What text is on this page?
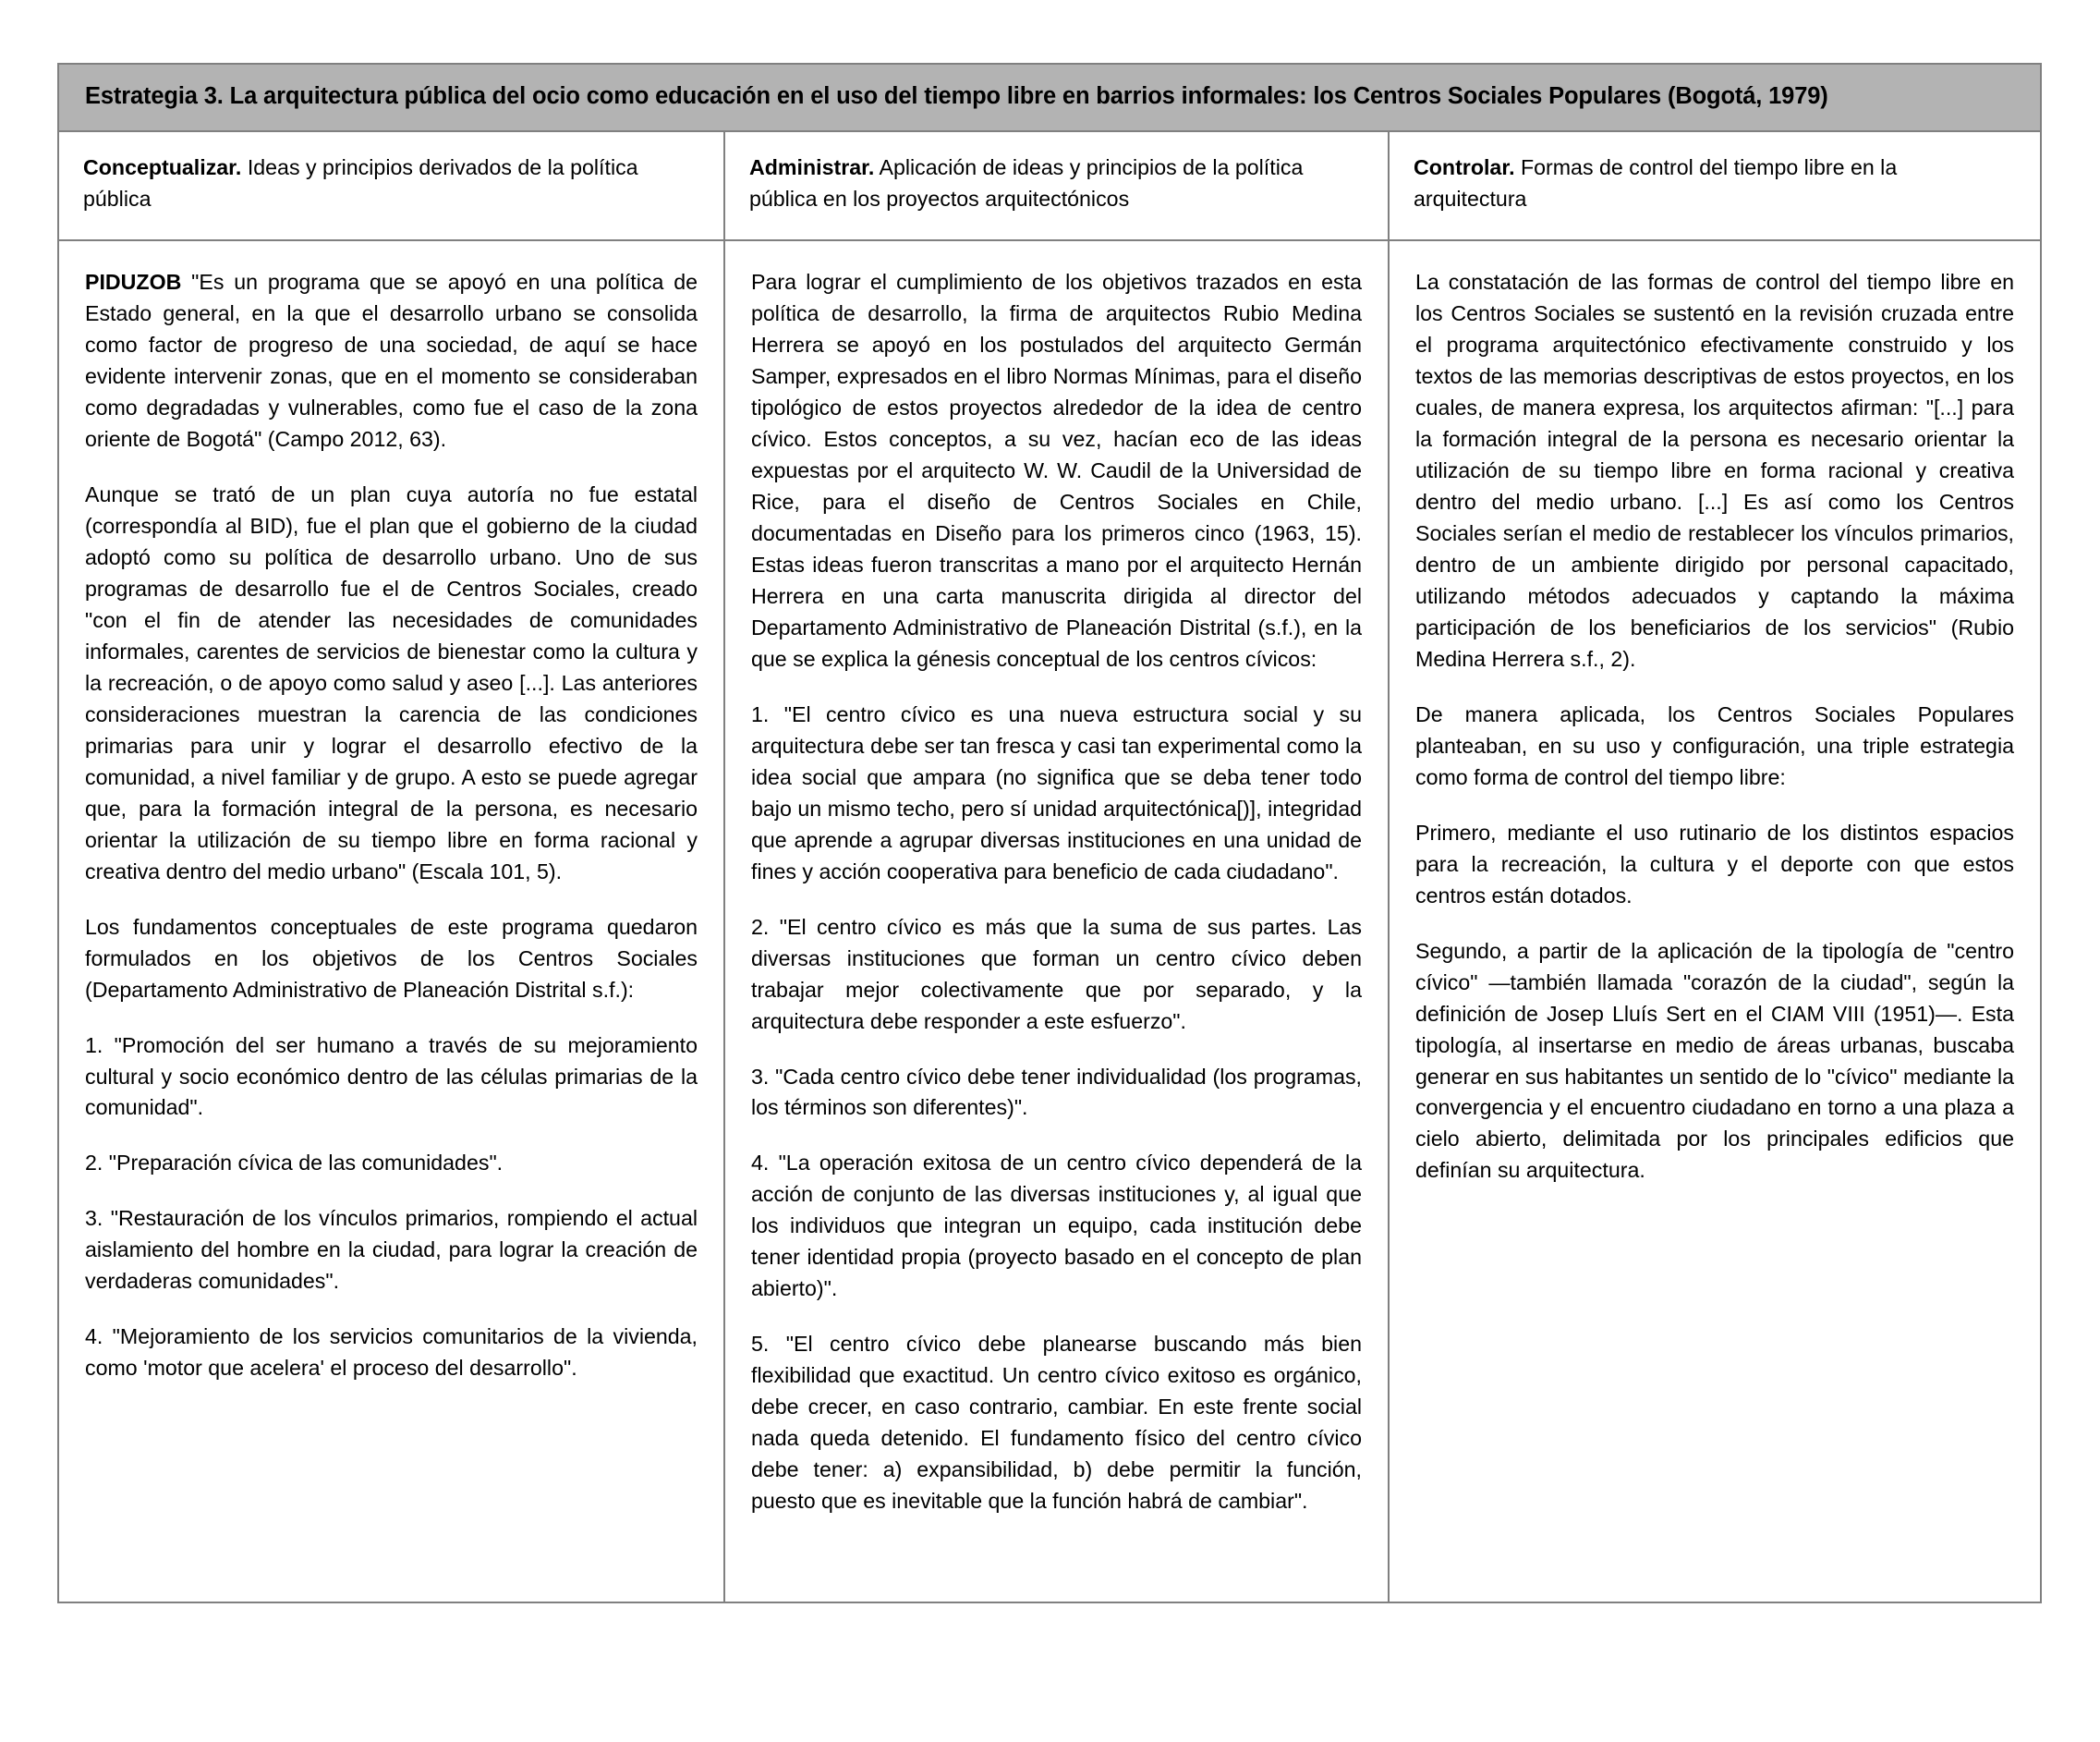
Estrategia 3. La arquitectura pública del ocio como educación en el uso del tiempo libre en barrios informales: los Centros Sociales Populares (Bogotá, 1979)
Conceptualizar. Ideas y principios derivados de la política pública
Administrar. Aplicación de ideas y principios de la política pública en los proyectos arquitectónicos
Controlar. Formas de control del tiempo libre en la arquitectura

PIDUZOB "Es un programa que se apoyó en una política de Estado general, en la que el desarrollo urbano se consolida como factor de progreso de una sociedad, de aquí se hace evidente intervenir zonas, que en el momento se consideraban como degradadas y vulnerables, como fue el caso de la zona oriente de Bogotá" (Campo 2012, 63).

Aunque se trató de un plan cuya autoría no fue estatal (correspondía al BID), fue el plan que el gobierno de la ciudad adoptó como su política de desarrollo urbano. Uno de sus programas de desarrollo fue el de Centros Sociales, creado "con el fin de atender las necesidades de comunidades informales, carentes de servicios de bienestar como la cultura y la recreación, o de apoyo como salud y aseo [...]. Las anteriores consideraciones muestran la carencia de las condiciones primarias para unir y lograr el desarrollo efectivo de la comunidad, a nivel familiar y de grupo. A esto se puede agregar que, para la formación integral de la persona, es necesario orientar la utilización de su tiempo libre en forma racional y creativa dentro del medio urbano" (Escala 101, 5).

Los fundamentos conceptuales de este programa quedaron formulados en los objetivos de los Centros Sociales (Departamento Administrativo de Planeación Distrital s.f.):

1. "Promoción del ser humano a través de su mejoramiento cultural y socio económico dentro de las células primarias de la comunidad".

2. "Preparación cívica de las comunidades".

3. "Restauración de los vínculos primarios, rompiendo el actual aislamiento del hombre en la ciudad, para lograr la creación de verdaderas comunidades".

4. "Mejoramiento de los servicios comunitarios de la vivienda, como 'motor que acelera' el proceso del desarrollo".

Para lograr el cumplimiento de los objetivos trazados en esta política de desarrollo, la firma de arquitectos Rubio Medina Herrera se apoyó en los postulados del arquitecto Germán Samper, expresados en el libro Normas Mínimas, para el diseño tipológico de estos proyectos alrededor de la idea de centro cívico. Estos conceptos, a su vez, hacían eco de las ideas expuestas por el arquitecto W. W. Caudil de la Universidad de Rice, para el diseño de Centros Sociales en Chile, documentadas en Diseño para los primeros cinco (1963, 15). Estas ideas fueron transcritas a mano por el arquitecto Hernán Herrera en una carta manuscrita dirigida al director del Departamento Administrativo de Planeación Distrital (s.f.), en la que se explica la génesis conceptual de los centros cívicos:

1. "El centro cívico es una nueva estructura social y su arquitectura debe ser tan fresca y casi tan experimental como la idea social que ampara (no significa que se deba tener todo bajo un mismo techo, pero sí unidad arquitectónica[)], integridad que aprende a agrupar diversas instituciones en una unidad de fines y acción cooperativa para beneficio de cada ciudadano".

2. "El centro cívico es más que la suma de sus partes. Las diversas instituciones que forman un centro cívico deben trabajar mejor colectivamente que por separado, y la arquitectura debe responder a este esfuerzo".

3. "Cada centro cívico debe tener individualidad (los programas, los términos son diferentes)".

4. "La operación exitosa de un centro cívico dependerá de la acción de conjunto de las diversas instituciones y, al igual que los individuos que integran un equipo, cada institución debe tener identidad propia (proyecto basado en el concepto de plan abierto)".

5. "El centro cívico debe planearse buscando más bien flexibilidad que exactitud. Un centro cívico exitoso es orgánico, debe crecer, en caso contrario, cambiar. En este frente social nada queda detenido. El fundamento físico del centro cívico debe tener: a) expansibilidad, b) debe permitir la función, puesto que es inevitable que la función habrá de cambiar".

La constatación de las formas de control del tiempo libre en los Centros Sociales se sustentó en la revisión cruzada entre el programa arquitectónico efectivamente construido y los textos de las memorias descriptivas de estos proyectos, en los cuales, de manera expresa, los arquitectos afirman: "[...] para la formación integral de la persona es necesario orientar la utilización de su tiempo libre en forma racional y creativa dentro del medio urbano. [...] Es así como los Centros Sociales serían el medio de restablecer los vínculos primarios, dentro de un ambiente dirigido por personal capacitado, utilizando métodos adecuados y captando la máxima participación de los beneficiarios de los servicios" (Rubio Medina Herrera s.f., 2).

De manera aplicada, los Centros Sociales Populares planteaban, en su uso y configuración, una triple estrategia como forma de control del tiempo libre:

Primero, mediante el uso rutinario de los distintos espacios para la recreación, la cultura y el deporte con que estos centros están dotados.

Segundo, a partir de la aplicación de la tipología de "centro cívico" —también llamada "corazón de la ciudad", según la definición de Josep Lluís Sert en el CIAM VIII (1951)—. Esta tipología, al insertarse en medio de áreas urbanas, buscaba generar en sus habitantes un sentido de lo "cívico" mediante la convergencia y el encuentro ciudadano en torno a una plaza a cielo abierto, delimitada por los principales edificios que definían su arquitectura.
